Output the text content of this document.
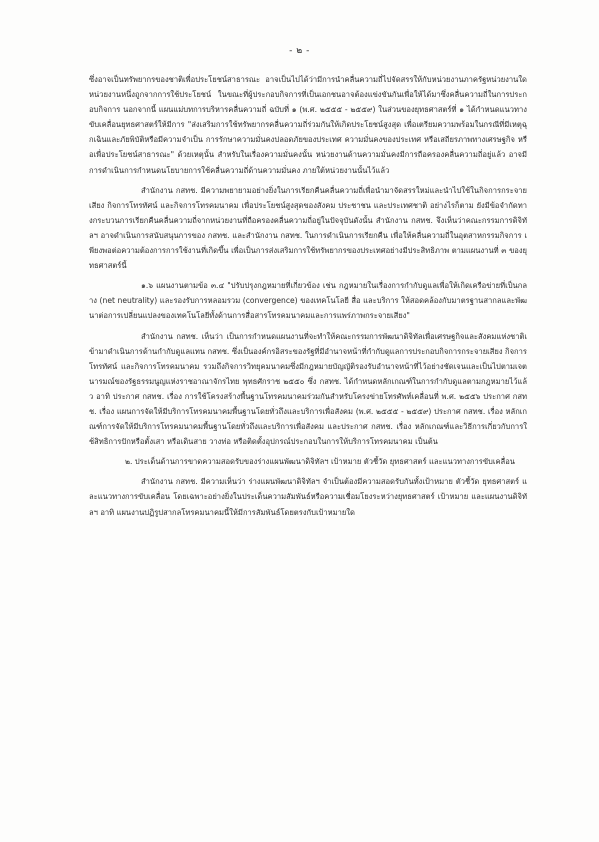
- ๒ -

ซึ่งอาจเป็นทรัพยากรของชาติเพื่อประโยชน์สาธารณะ อาจเป็นไปได้ว่ามีการนำคลื่นความถี่ไปจัดสรรให้กับหน่วยงานภาครัฐหน่วยงานใดหน่วยงานหนึ่งถูกจากการใช้ประโยชน์ ในขณะที่ผู้ประกอบกิจการที่เป็นเอกชนอาจต้องแข่งขันกันเพื่อให้ได้มาซึ่งคลื่นความถี่ในการประกอบกิจการ นอกจากนี้ แผนแม่บทการบริหารคลื่นความถี่ ฉบับที่ ๑ (พ.ศ. ๒๕๕๕ - ๒๕๕๙) ในส่วนของยุทธศาสตร์ที่ ๑ ได้กำหนดแนวทางขับเคลื่อนยุทธศาสตร์ให้มีการ "ส่งเสริมการใช้ทรัพยากรคลื่นความถี่ร่วมกันให้เกิดประโยชน์สูงสุด เพื่อเตรียมความพร้อมในกรณีที่มีเหตุฉุกเฉินและภัยพิบัติหรือมีความจำเป็น การรักษาความมั่นคงปลอดภัยของประเทศ ความมั่นคงของประเทศ หรือเสถียรภาพทางเศรษฐกิจ หรือเพื่อประโยชน์สาธารณะ" ด้วยเหตุนั้น สำหรับในเรื่องความมั่นคงนั้น หน่วยงานด้านความมั่นคงมีการถือครองคลื่นความถี่อยู่แล้ว อาจมีการดำเนินการกำหนดนโยบายการใช้คลื่นความถี่ด้านความมั่นคง ภายใต้หน่วยงานนั้นไว้แล้ว

สำนักงาน กสทช. มีความพยายามอย่างยิ่งในการเรียกคืนคลื่นความถี่เพื่อนำมาจัดสรรใหม่และนำไปใช้ในกิจการกระจายเสียง กิจการโทรทัศน์ และกิจการโทรคมนาคม เพื่อประโยชน์สูงสุดของสังคม ประชาชน และประเทศชาติ อย่างไรก็ตาม ยังมีข้อจำกัดทางกระบวนการเรียกคืนคลื่นความถี่จากหน่วยงานที่ถือครองคลื่นความถี่อยู่ในปัจจุบันดังนั้น สำนักงาน กสทช. จึงเห็นว่าคณะกรรมการดิจิทัลฯ อาจดำเนินการสนับสนุนการของ กสทช. และสำนักงาน กสทช. ในการดำเนินการเรียกคืน เพื่อให้คลื่นความถี่ในอุตสาหกรรมกิจการ เพียงพอต่อความต้องการการใช้งานที่เกิดขึ้น เพื่อเป็นการส่งเสริมการใช้ทรัพยากรของประเทศอย่างมีประสิทธิภาพ ตามแผนงานที่ ๓ ของยุทธศาสตร์นี้

๑.๖ แผนงานตามข้อ ๓.๔ "ปรับปรุงกฎหมายที่เกี่ยวข้อง เช่น กฎหมายในเรื่องการกำกับดูแลเพื่อให้เกิดเครือข่ายที่เป็นกลาง (net neutrality) และรองรับการหลอมรวม (convergence) ของเทคโนโลยี สื่อ และบริการ ให้สอดคล้องกับมาตรฐานสากลและพัฒนาต่อการเปลี่ยนแปลงของเทคโนโลยีทั้งด้านการสื่อสารโทรคมนาคมและการแพร่ภาพกระจายเสียง"

สำนักงาน กสทช. เห็นว่า เป็นการกำหนดแผนงานที่จะทำให้คณะกรรมการพัฒนาดิจิทัลเพื่อเศรษฐกิจและสังคมแห่งชาติเข้ามาดำเนินการด้านกำกับดูแลแทน กสทช. ซึ่งเป็นองค์กรอิสระของรัฐที่มีอำนาจหน้าที่กำกับดูแลการประกอบกิจการกระจายเสียง กิจการโทรทัศน์ และกิจการโทรคมนาคม รวมถึงกิจการวิทยุคมนาคมซึ่งมีกฎหมายบัญญัติรองรับอำนาจหน้าที่ไว้อย่างชัดเจนและเป็นไปตามเจตนารมณ์ของรัฐธรรมนูญแห่งราชอาณาจักรไทย พุทธศักราช ๒๕๕๐ ซึ่ง กสทช. ได้กำหนดหลักเกณฑ์ในการกำกับดูแลตามกฎหมายไว้แล้ว อาทิ ประกาศ กสทช. เรื่อง การใช้โครงสร้างพื้นฐานโทรคมนาคมร่วมกันสำหรับโครงข่ายโทรศัพท์เคลื่อนที่ พ.ศ. ๒๕๕๖ ประกาศ กสทช. เรื่อง แผนการจัดให้มีบริการโทรคมนาคมพื้นฐานโดยทั่วถึงและบริการเพื่อสังคม (พ.ศ. ๒๕๕๕ - ๒๕๕๙) ประกาศ กสทช. เรื่อง หลักเกณฑ์การจัดให้มีบริการโทรคมนาคมพื้นฐานโดยทั่วถึงและบริการเพื่อสังคม และประกาศ กสทช. เรื่อง หลักเกณฑ์และวิธีการเกี่ยวกับการใช้สิทธิการปักหรือตั้งเสา หรือเดินสาย วางท่อ หรือติดตั้งอุปกรณ์ประกอบในการให้บริการโทรคมนาคม เป็นต้น

๒. ประเด็นด้านการขาดความสอดรับของร่างแผนพัฒนาดิจิทัลฯ เป้าหมาย ตัวชี้วัด ยุทธศาสตร์ และแนวทางการขับเคลื่อน

สำนักงาน กสทช. มีความเห็นว่า ร่างแผนพัฒนาดิจิทัลฯ จำเป็นต้องมีความสอดรับกันทั้งเป้าหมาย ตัวชี้วัด ยุทธศาสตร์ และแนวทางการขับเคลื่อน โดยเฉพาะอย่างยิ่งในประเด็นความสัมพันธ์หรือความเชื่อมโยงระหว่างยุทธศาสตร์ เป้าหมาย และแผนงานดิจิทัลฯ อาทิ แผนงานปฏิรูปสากลโทรคมนาคมนี้ให้มีการสัมพันธ์โดยตรงกับเป้าหมายใด
